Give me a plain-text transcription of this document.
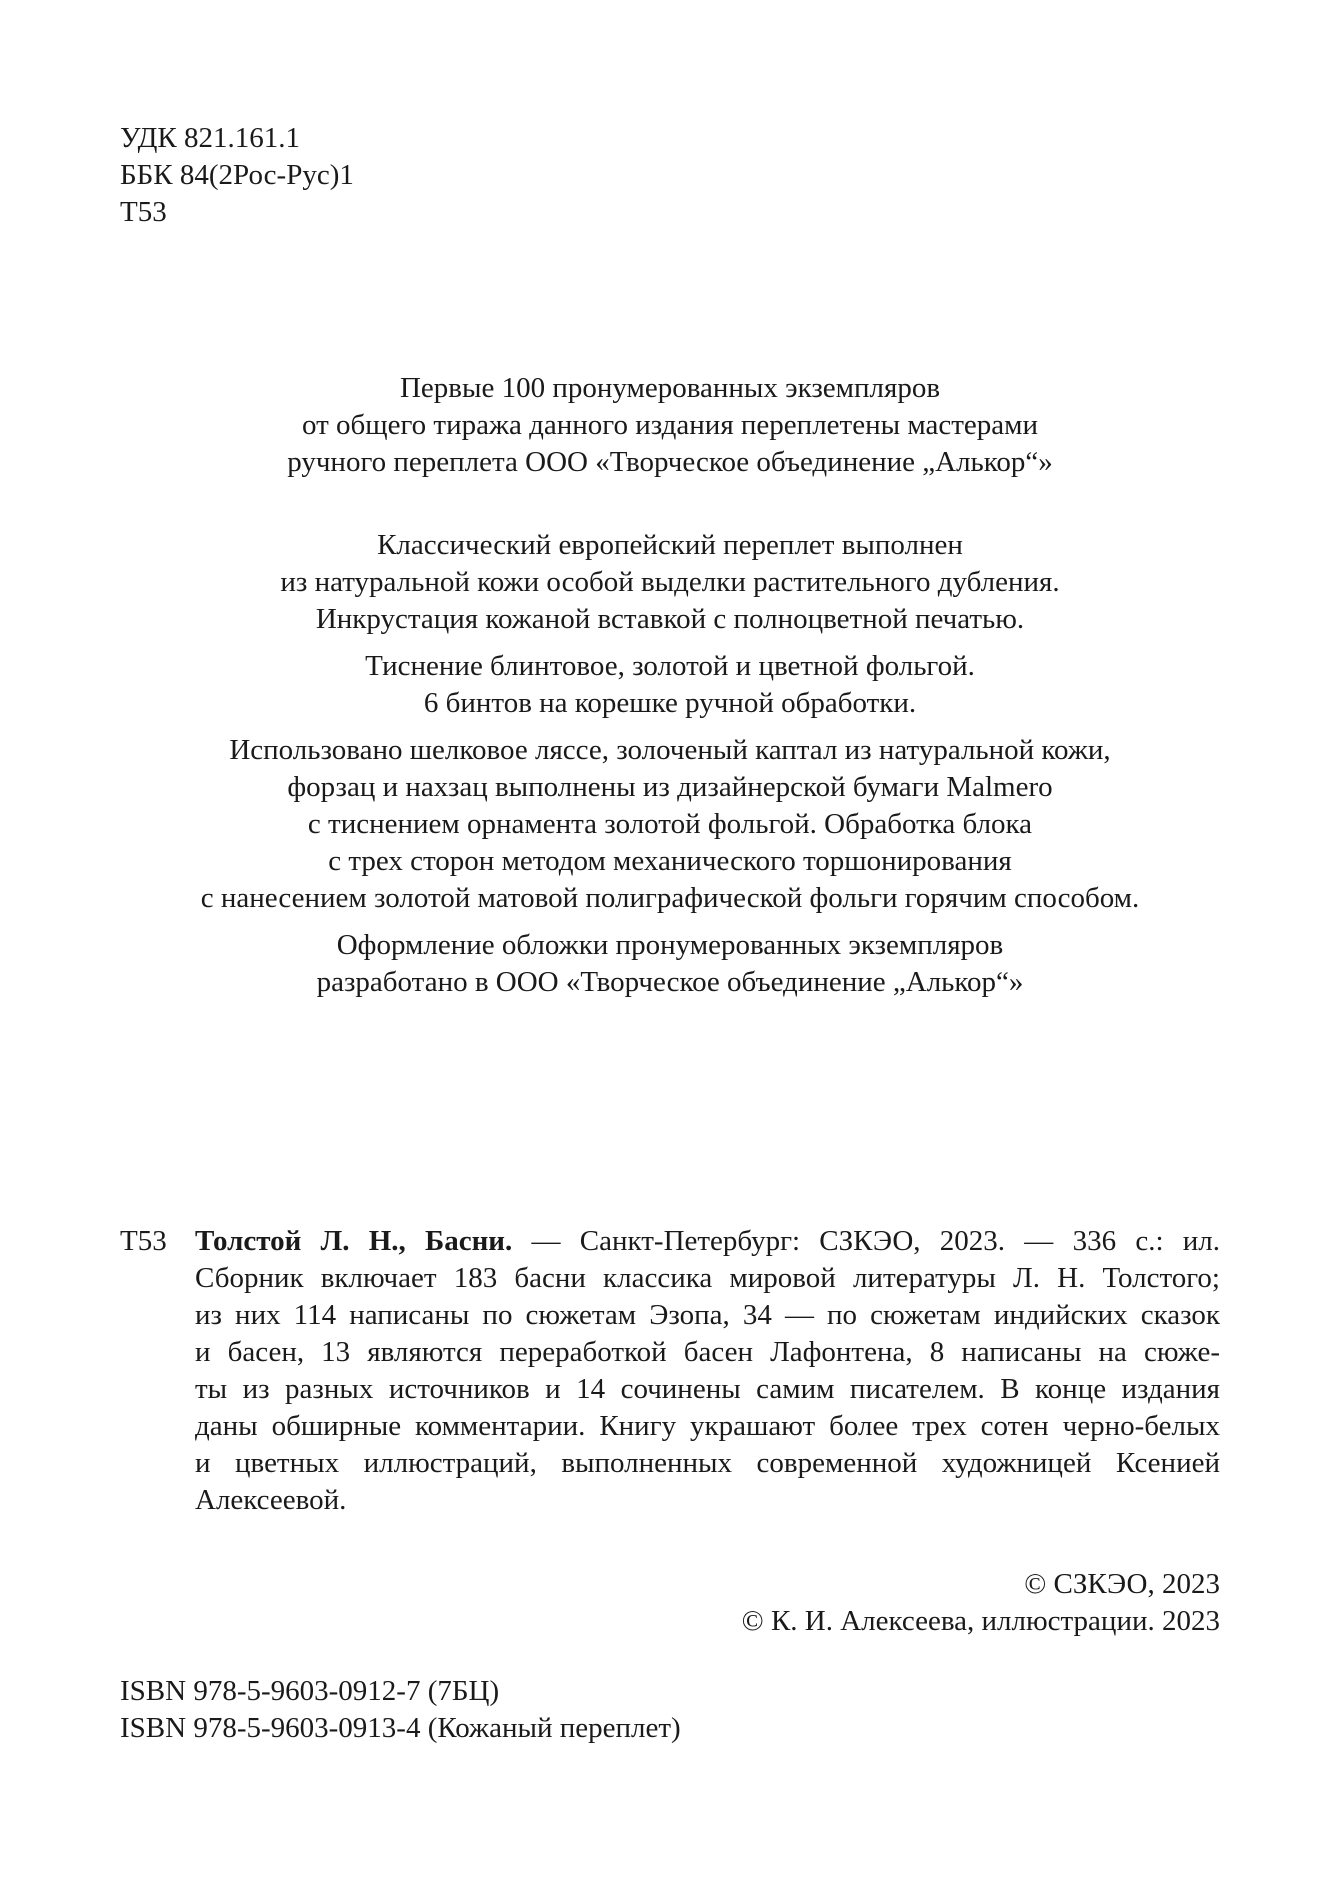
УДК 821.161.1
ББК 84(2Рос-Рус)1
Т53

Первые 100 пронумерованных экземпляров

от общего тиража данного издания переплетены мастерами

ручного переплета ООО «Творческое объединение „Алькор“»

Классический европейский переплет выполнен

из натуральной кожи особой выделки растительного дубления.

Инкрустация кожаной вставкой с полноцветной печатью.

Тиснение блинтовое, золотой и цветной фольгой.

6 бинтов на корешке ручной обработки.

Использовано шелковое ляссе, золоченый каптал из натуральной кожи,

форзац и нахзац выполнены из дизайнерской бумаги Malmero

с тиснением орнамента золотой фольгой. Обработка блока

с трех сторон методом механического торшонирования

с нанесением золотой матовой полиграфической фольги горячим способом.

Оформление обложки пронумерованных экземпляров

разработано в ООО «Творческое объединение „Алькор“»

Т53 Толстой Л. Н., Басни. — Санкт-Петербург: СЗКЭО, 2023. — 336 с.: ил.
Сборник включает 183 басни классика мировой литературы Л. Н. Толстого;
из них 114 написаны по сюжетам Эзопа, 34 — по сюжетам индийских сказок
и басен, 13 являются переработкой басен Лафонтена, 8 написаны на сюже-
ты из разных источников и 14 сочинены самим писателем. В конце издания
даны обширные комментарии. Книгу украшают более трех сотен черно-белых
и цветных иллюстраций, выполненных современной художницей Ксенией
Алексеевой.
© СЗКЭО, 2023
© К. И. Алексеева, иллюстрации. 2023
ISBN 978-5-9603-0912-7 (7БЦ)
ISBN 978-5-9603-0913-4 (Кожаный переплет)
